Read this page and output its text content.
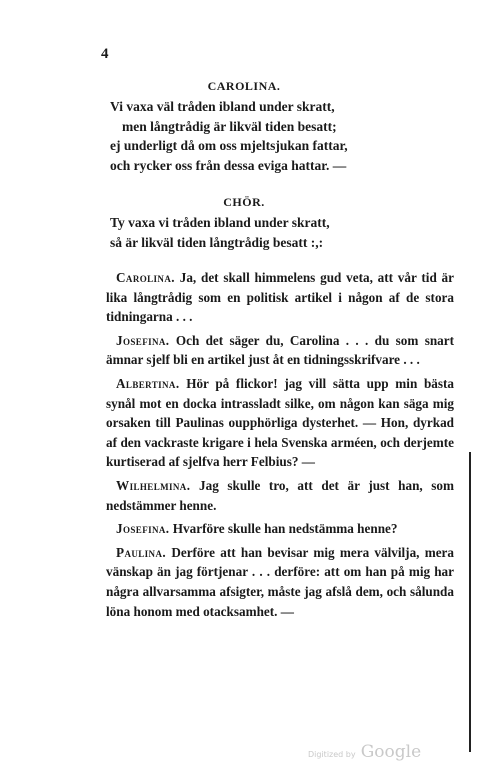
4
CAROLINA.
Vi vaxa väl tråden ibland under skratt,
men långtrådig är likväl tiden besatt;
ej underligt då om oss mjeltsjukan fattar,
och rycker oss från dessa eviga hattar. —
CHÖR.
Ty vaxa vi tråden ibland under skratt,
så är likväl tiden långtrådig besatt :,:

Carolina. Ja, det skall himmelens gud veta, att vår tid är lika långtrådig som en politisk artikel i någon af de stora tidningarna . . .

Josefina. Och det säger du, Carolina . . . du som snart ämnar sjelf bli en artikel just åt en tidningsskrifvare . . .

Albertina. Hör på flickor! jag vill sätta upp min bästa synål mot en docka intrassladt silke, om någon kan säga mig orsaken till Paulinas oupphörliga dysterhet. — Hon, dyrkad af den vackraste krigare i hela Svenska arméen, och derjemte kurtiserad af sjelfva herr Felbius? —

Wilhelmina. Jag skulle tro, att det är just han, som nedstämmer henne.

Josefina. Hvarföre skulle han nedstämma henne?

Paulina. Derföre att han bevisar mig mera välvilja, mera vänskap än jag förtjenar . . . derföre: att om han på mig har några allvarsamma afsigter, måste jag afslå dem, och sålunda löna honom med otacksamhet. —

Digitized by Google
